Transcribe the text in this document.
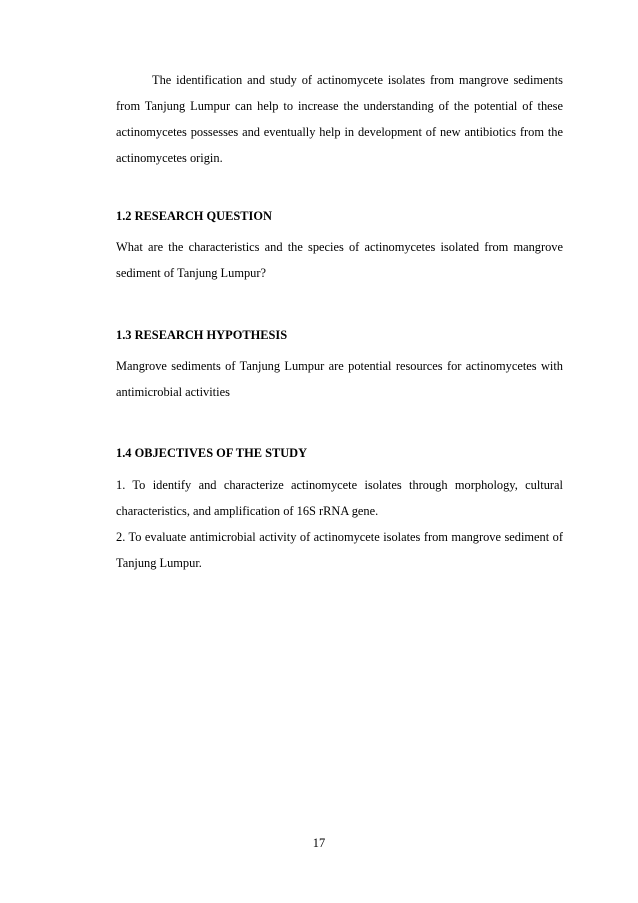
The identification and study of actinomycete isolates from mangrove sediments from Tanjung Lumpur can help to increase the understanding of the potential of these actinomycetes possesses and eventually help in development of new antibiotics from the actinomycetes origin.

1.2 RESEARCH QUESTION

What are the characteristics and the species of actinomycetes isolated from mangrove sediment of Tanjung Lumpur?

1.3 RESEARCH HYPOTHESIS

Mangrove sediments of Tanjung Lumpur are potential resources for actinomycetes with antimicrobial activities

1.4 OBJECTIVES OF THE STUDY

1. To identify and characterize actinomycete isolates through morphology, cultural characteristics, and amplification of 16S rRNA gene.

2. To evaluate antimicrobial activity of actinomycete isolates from mangrove sediment of Tanjung Lumpur.

17
